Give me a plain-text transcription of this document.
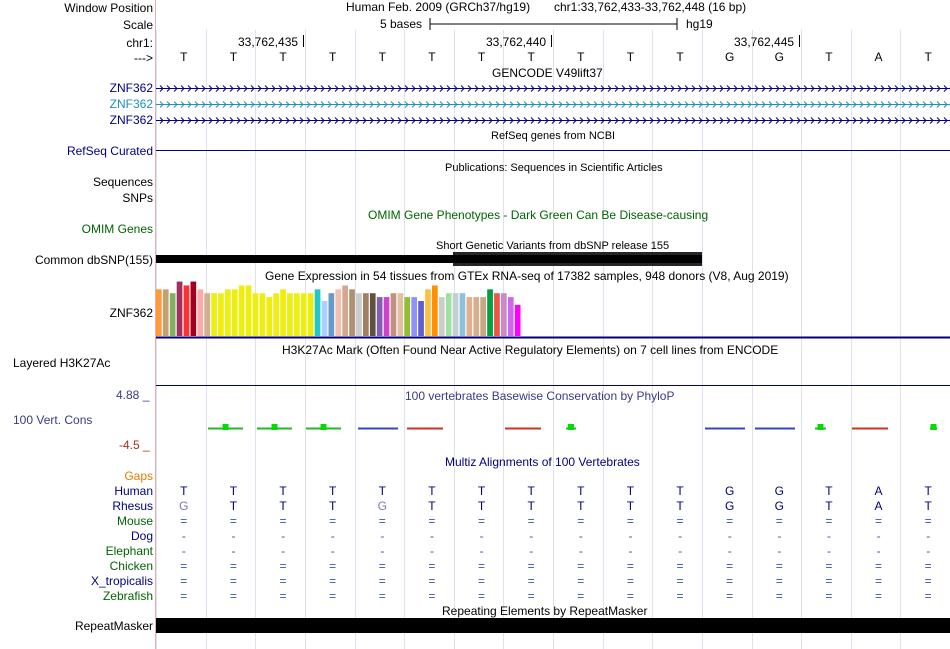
Window Position
Scale
chr1:
--->
Human Feb. 2009 (GRCh37/hg19) chr1:33,762,433-33,762,448 (16 bp)
5 bases	hg19
33,762,435	33,762,440	33,762,445
T	T	T	T	T	T	T	T	T	T	T	G	G	T	A	T
GENCODE V49lift37
ZNF362
ZNF362
ZNF362
RefSeq genes from NCBI
RefSeq Curated
Publications: Sequences in Scientific Articles
Sequences
SNPs
OMIM Gene Phenotypes - Dark Green Can Be Disease-causing
OMIM Genes
Short Genetic Variants from dbSNP release 155
Common dbSNP(155)
Gene Expression in 54 tissues from GTEx RNA-seq of 17382 samples, 948 donors (V8, Aug 2019)
ZNF362
H3K27Ac Mark (Often Found Near Active Regulatory Elements) on 7 cell lines from ENCODE
Layered H3K27Ac
100 vertebrates Basewise Conservation by PhyloP
4.88 _
100 Vert. Cons
-4.5 _
Gaps
Multiz Alignments of 100 Vertebrates
Human	T	T	T	T	T	T	T	T	T	T	T	G	G	T	A	T
Rhesus	G	T	T	T	G	T	T	T	T	T	T	G	G	T	A	T
Mouse	=	=	=	=	=	=	=	=	=	=	=	=	=	=	=	=
Dog	-	-	-	-	-	-	-	-	-	-	-	-	-	-	-	-
Elephant	-	-	-	-	-	-	-	-	-	-	-	-	-	-	-	-
Chicken	=	=	=	=	=	=	=	=	=	=	=	=	=	=	=	=
X_tropicalis	=	=	=	=	=	=	=	=	=	=	=	=	=	=	=	=
Zebrafish	=	=	=	=	=	=	=	=	=	=	=	=	=	=	=	=
Repeating Elements by RepeatMasker
RepeatMasker
